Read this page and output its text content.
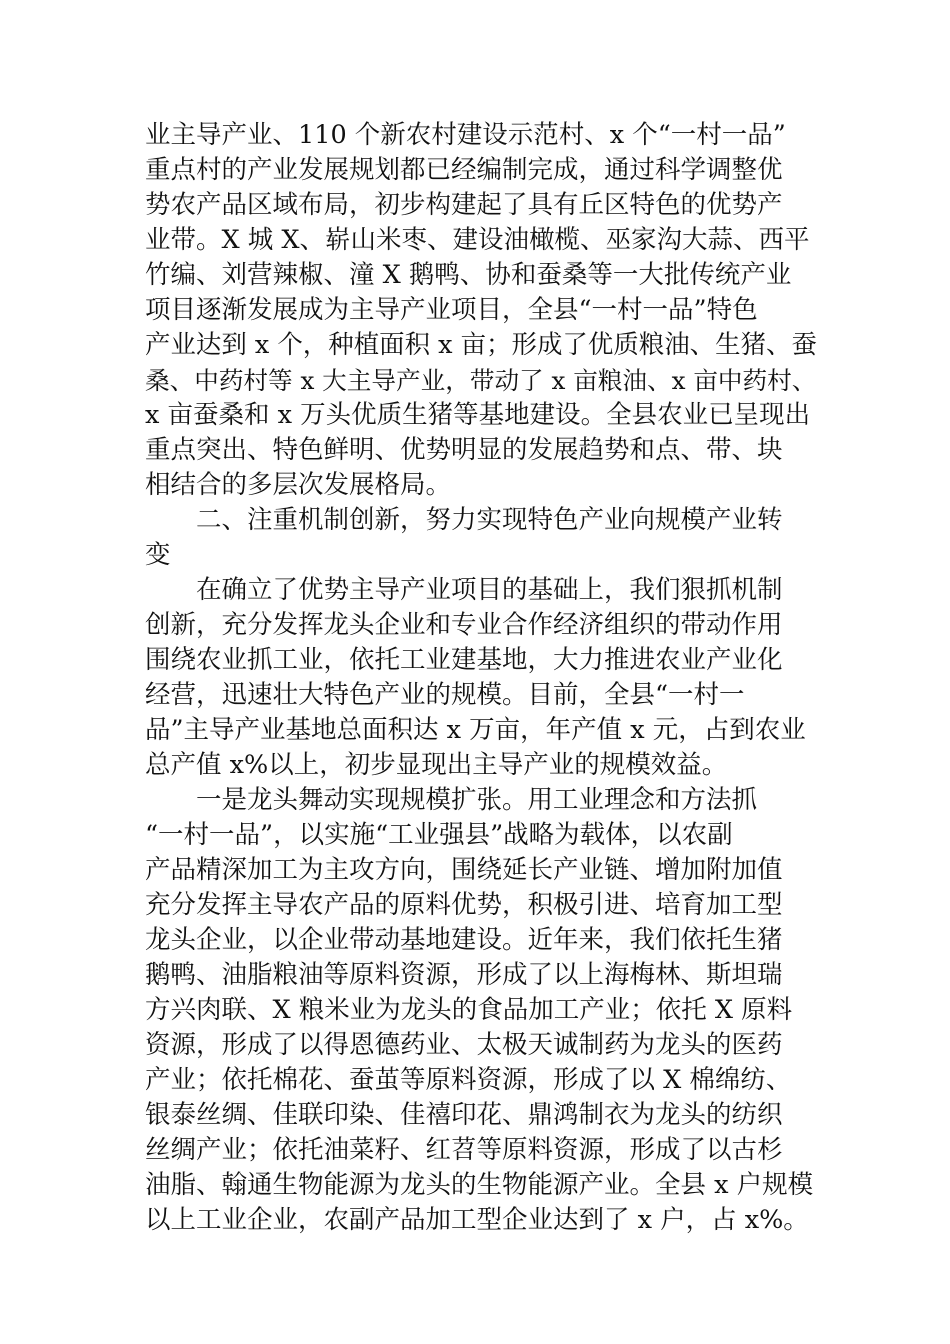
业主导产业、110 个新农村建设示范村、x 个“一村一品”
重点村的产业发展规划都已经编制完成，通过科学调整优
势农产品区域布局，初步构建起了具有丘区特色的优势产
业带。X 城 X、崭山米枣、建设油橄榄、巫家沟大蒜、西平
竹编、刘营辣椒、潼 X 鹅鸭、协和蚕桑等一大批传统产业
项目逐渐发展成为主导产业项目，全县“一村一品”特色
产业达到 x 个，种植面积 x 亩；形成了优质粮油、生猪、蚕
桑、中药村等 x 大主导产业，带动了 x 亩粮油、x 亩中药村、
x 亩蚕桑和 x 万头优质生猪等基地建设。全县农业已呈现出
重点突出、特色鲜明、优势明显的发展趋势和点、带、块
相结合的多层次发展格局。
　　二、注重机制创新，努力实现特色产业向规模产业转
变
　　在确立了优势主导产业项目的基础上，我们狠抓机制
创新，充分发挥龙头企业和专业合作经济组织的带动作用
围绕农业抓工业，依托工业建基地，大力推进农业产业化
经营，迅速壮大特色产业的规模。目前，全县“一村一
品”主导产业基地总面积达 x 万亩，年产值 x 元，占到农业
总产值 x%以上，初步显现出主导产业的规模效益。
　　一是龙头舞动实现规模扩张。用工业理念和方法抓
“一村一品”，以实施“工业强县”战略为载体，以农副
产品精深加工为主攻方向，围绕延长产业链、增加附加值
充分发挥主导农产品的原料优势，积极引进、培育加工型
龙头企业，以企业带动基地建设。近年来，我们依托生猪
鹅鸭、油脂粮油等原料资源，形成了以上海梅林、斯坦瑞
方兴肉联、X 粮米业为龙头的食品加工产业；依托 X 原料
资源，形成了以得恩德药业、太极天诚制药为龙头的医药
产业；依托棉花、蚕茧等原料资源，形成了以 X 棉绵纺、
银泰丝绸、佳联印染、佳禧印花、鼎鸿制衣为龙头的纺织
丝绸产业；依托油菜籽、红苕等原料资源，形成了以古杉
油脂、翰通生物能源为龙头的生物能源产业。全县 x 户规模
以上工业企业，农副产品加工型企业达到了 x 户，占 x%。
